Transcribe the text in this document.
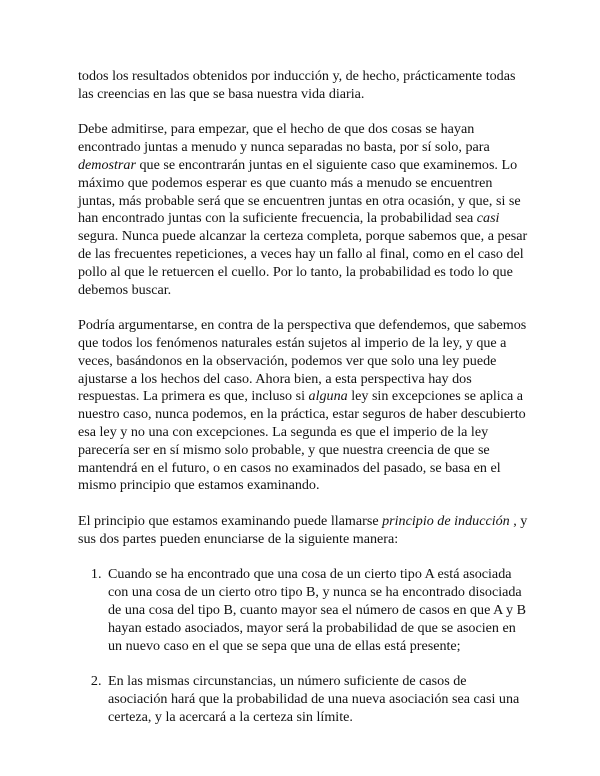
todos los resultados obtenidos por inducción y, de hecho, prácticamente todas las creencias en las que se basa nuestra vida diaria.

Debe admitirse, para empezar, que el hecho de que dos cosas se hayan encontrado juntas a menudo y nunca separadas no basta, por sí solo, para demostrar que se encontrarán juntas en el siguiente caso que examinemos. Lo máximo que podemos esperar es que cuanto más a menudo se encuentren juntas, más probable será que se encuentren juntas en otra ocasión, y que, si se han encontrado juntas con la suficiente frecuencia, la probabilidad sea casi segura. Nunca puede alcanzar la certeza completa, porque sabemos que, a pesar de las frecuentes repeticiones, a veces hay un fallo al final, como en el caso del pollo al que le retuercen el cuello. Por lo tanto, la probabilidad es todo lo que debemos buscar.

Podría argumentarse, en contra de la perspectiva que defendemos, que sabemos que todos los fenómenos naturales están sujetos al imperio de la ley, y que a veces, basándonos en la observación, podemos ver que solo una ley puede ajustarse a los hechos del caso. Ahora bien, a esta perspectiva hay dos respuestas. La primera es que, incluso si alguna ley sin excepciones se aplica a nuestro caso, nunca podemos, en la práctica, estar seguros de haber descubierto esa ley y no una con excepciones. La segunda es que el imperio de la ley parecería ser en sí mismo solo probable, y que nuestra creencia de que se mantendrá en el futuro, o en casos no examinados del pasado, se basa en el mismo principio que estamos examinando.

El principio que estamos examinando puede llamarse principio de inducción , y sus dos partes pueden enunciarse de la siguiente manera:

1. Cuando se ha encontrado que una cosa de un cierto tipo A está asociada con una cosa de un cierto otro tipo B, y nunca se ha encontrado disociada de una cosa del tipo B, cuanto mayor sea el número de casos en que A y B hayan estado asociados, mayor será la probabilidad de que se asocien en un nuevo caso en el que se sepa que una de ellas está presente;
2. En las mismas circunstancias, un número suficiente de casos de asociación hará que la probabilidad de una nueva asociación sea casi una certeza, y la acercará a la certeza sin límite.
